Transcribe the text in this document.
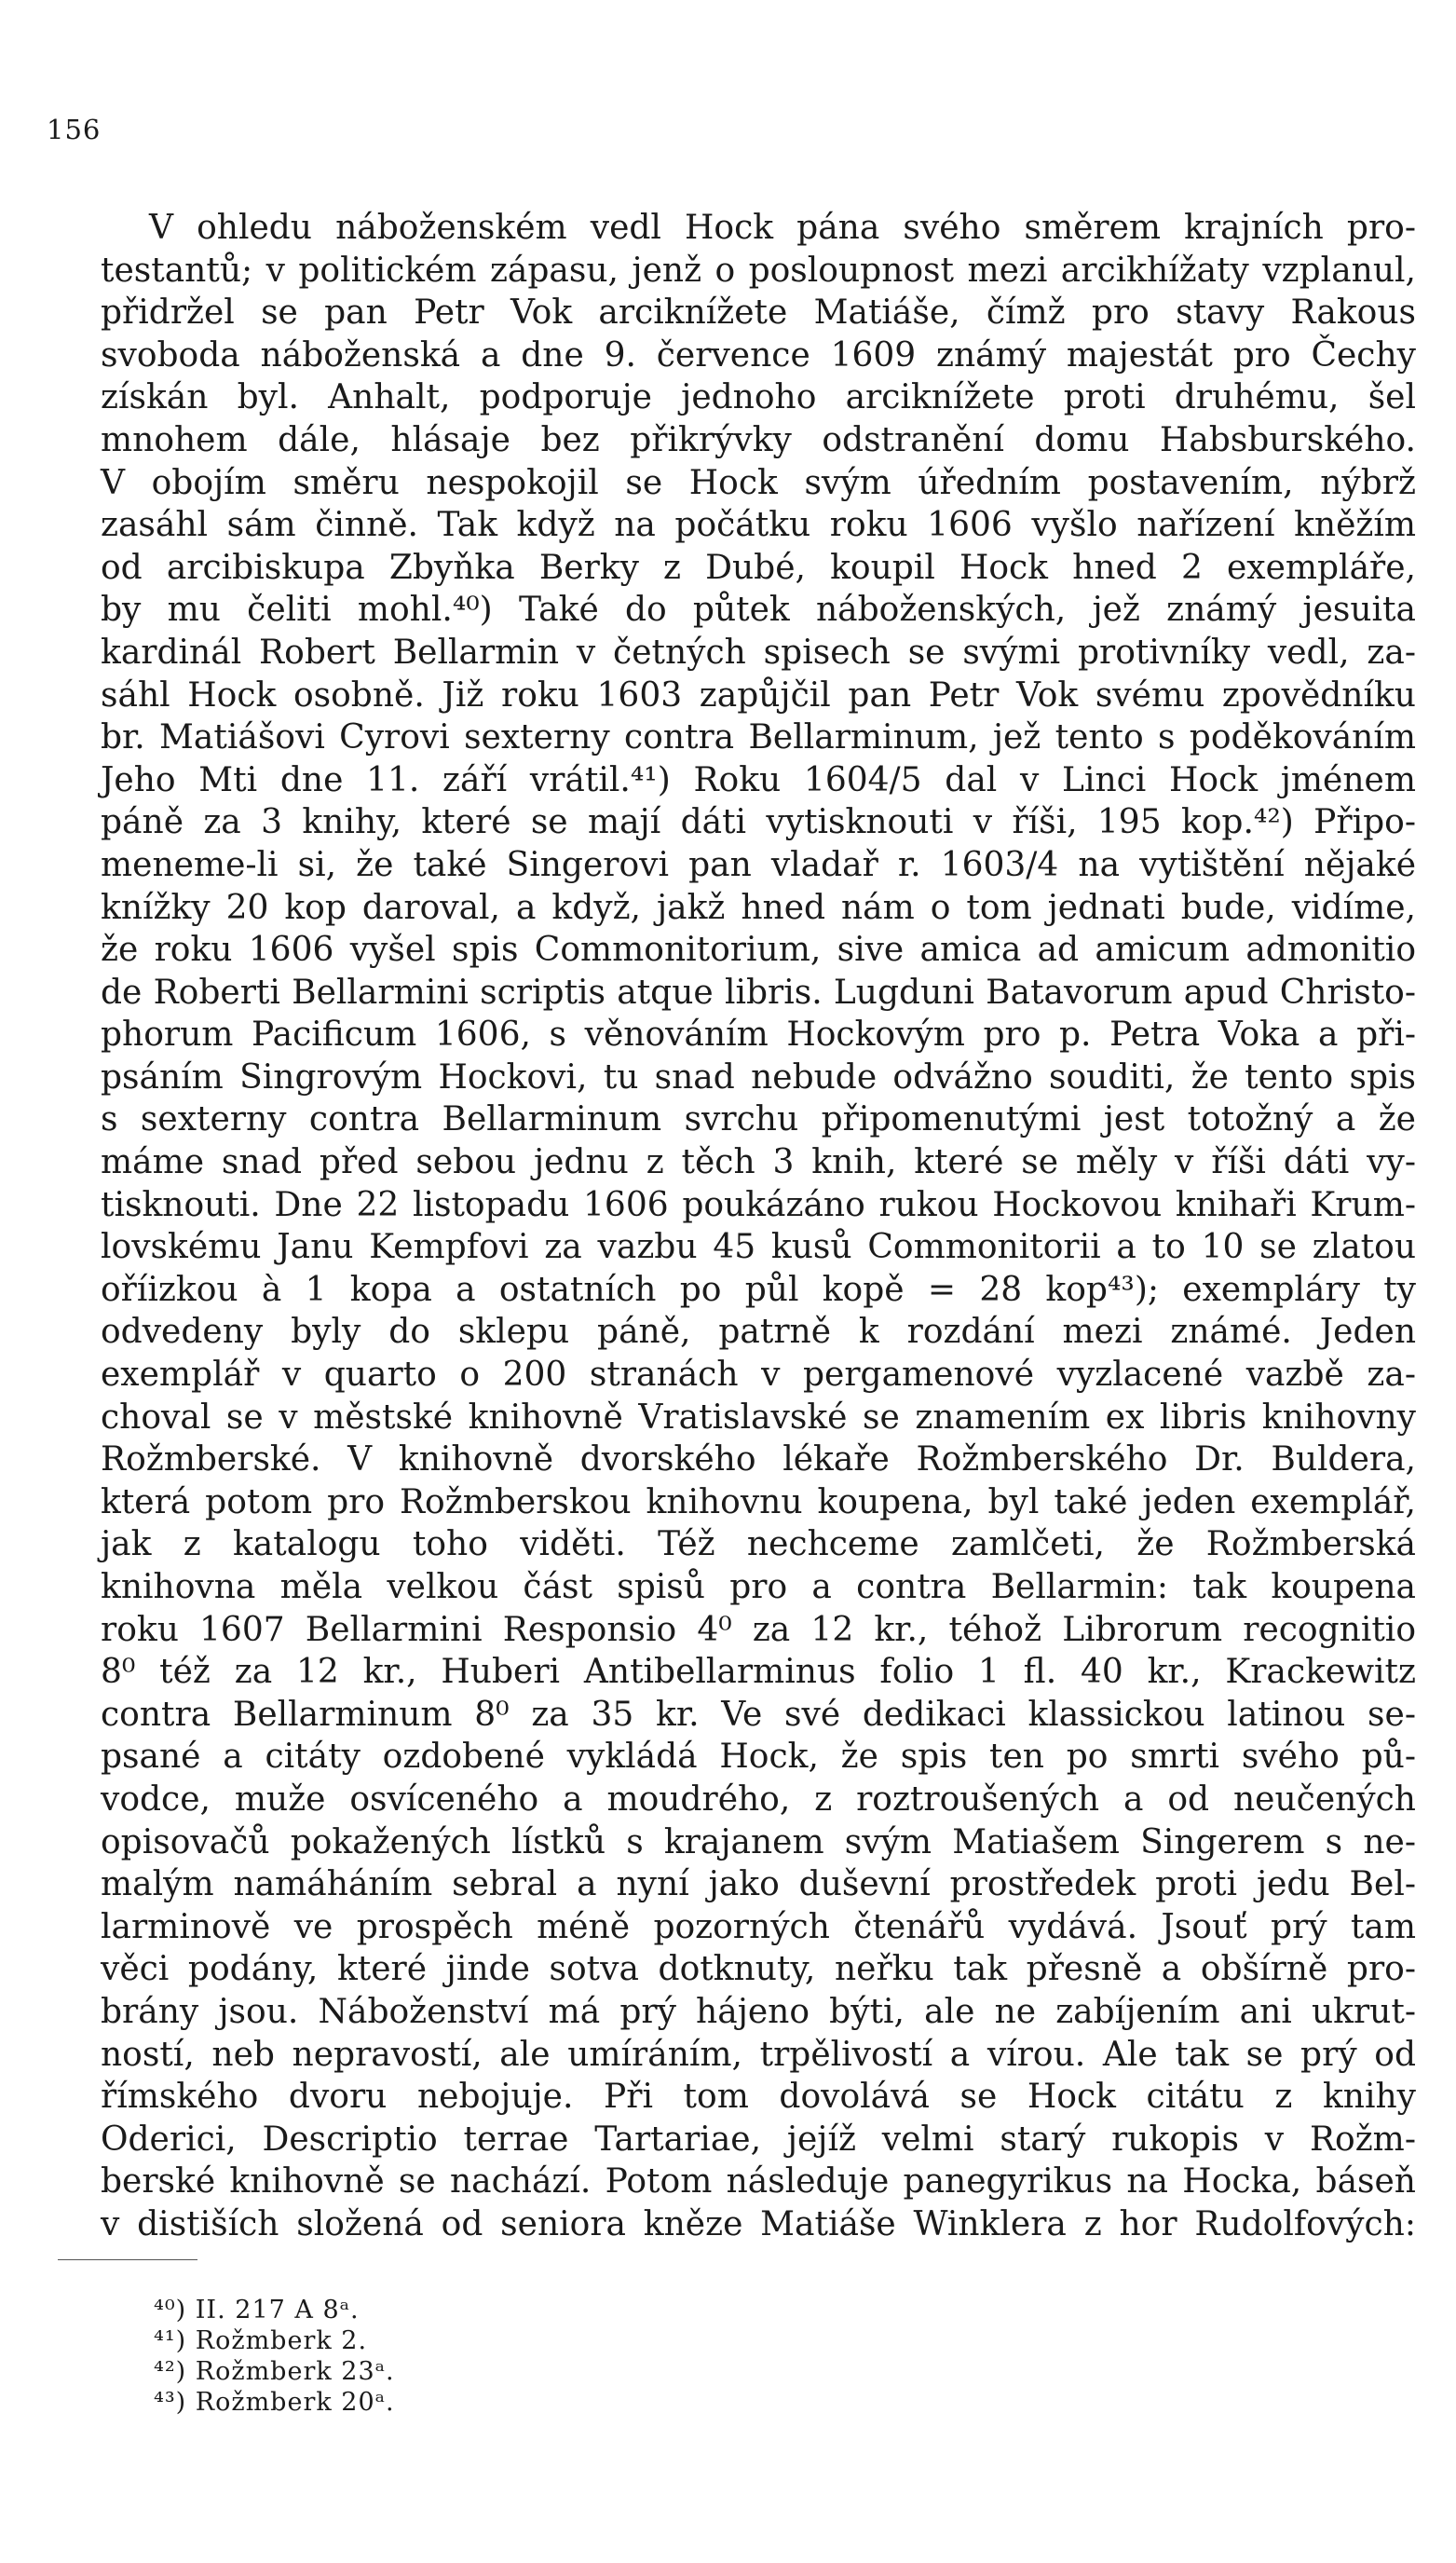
156
V ohledu náboženském vedl Hock pána svého směrem krajních pro-
testantů; v politickém zápasu, jenž o posloupnost mezi arcikhížaty vzplanul,
přidržel se pan Petr Vok arciknížete Matiáše, čímž pro stavy Rakous
svoboda náboženská a dne 9. července 1609 známý majestát pro Čechy
získán byl. Anhalt, podporuje jednoho arciknížete proti druhému, šel
mnohem dále, hlásaje bez přikrývky odstranění domu Habsburského.
V obojím směru nespokojil se Hock svým úředním postavením, nýbrž
zasáhl sám činně. Tak když na počátku roku 1606 vyšlo nařízení kněžím
od arcibiskupa Zbyňka Berky z Dubé, koupil Hock hned 2 exempláře,
by mu čeliti mohl.⁴⁰) Také do půtek náboženských, jež známý jesuita
kardinál Robert Bellarmin v četných spisech se svými protivníky vedl, za-
sáhl Hock osobně. Již roku 1603 zapůjčil pan Petr Vok svému zpovědníku
br. Matiášovi Cyrovi sexterny contra Bellarminum, jež tento s poděkováním
Jeho Mti dne 11. září vrátil.⁴¹) Roku 1604/5 dal v Linci Hock jménem
páně za 3 knihy, které se mají dáti vytisknouti v říši, 195 kop.⁴²) Připo-
meneme-li si, že také Singerovi pan vladař r. 1603/4 na vytištění nějaké
knížky 20 kop daroval, a když, jakž hned nám o tom jednati bude, vidíme,
že roku 1606 vyšel spis Commonitorium, sive amica ad amicum admonitio
de Roberti Bellarmini scriptis atque libris. Lugduni Batavorum apud Christo-
phorum Pacificum 1606, s věnováním Hockovým pro p. Petra Voka a při-
psáním Singrovým Hockovi, tu snad nebude odvážno souditi, že tento spis
s sexterny contra Bellarminum svrchu připomenutými jest totožný a že
máme snad před sebou jednu z těch 3 knih, které se měly v říši dáti vy-
tisknouti. Dne 22 listopadu 1606 poukázáno rukou Hockovou knihaři Krum-
lovskému Janu Kempfovi za vazbu 45 kusů Commonitorii a to 10 se zlatou
oříizkou à 1 kopa a ostatních po půl kopě = 28 kop⁴³); exempláry ty
odvedeny byly do sklepu páně, patrně k rozdání mezi známé. Jeden
exemplář v quarto o 200 stranách v pergamenové vyzlacené vazbě za-
choval se v městské knihovně Vratislavské se znamením ex libris knihovny
Rožmberské. V knihovně dvorského lékaře Rožmberského Dr. Buldera,
která potom pro Rožmberskou knihovnu koupena, byl také jeden exemplář,
jak z katalogu toho viděti. Též nechceme zamlčeti, že Rožmberská
knihovna měla velkou část spisů pro a contra Bellarmin: tak koupena
roku 1607 Bellarmini Responsio 4⁰ za 12 kr., téhož Librorum recognitio
8⁰ též za 12 kr., Huberi Antibellarminus folio 1 fl. 40 kr., Krackewitz
contra Bellarminum 8⁰ za 35 kr. Ve své dedikaci klassickou latinou se-
psané a citáty ozdobené vykládá Hock, že spis ten po smrti svého pů-
vodce, muže osvíceného a moudrého, z roztroušených a od neučených
opisovačů pokažených lístků s krajanem svým Matiašem Singerem s ne-
malým namáháním sebral a nyní jako duševní prostředek proti jedu Bel-
larminově ve prospěch méně pozorných čtenářů vydává. Jsouť prý tam
věci podány, které jinde sotva dotknuty, neřku tak přesně a obšírně pro-
brány jsou. Náboženství má prý hájeno býti, ale ne zabíjením ani ukrut-
ností, neb nepravostí, ale umíráním, trpělivostí a vírou. Ale tak se prý od
římského dvoru nebojuje. Při tom dovolává se Hock citátu z knihy
Oderici, Descriptio terrae Tartariae, jejíž velmi starý rukopis v Rožm-
berské knihovně se nachází. Potom následuje panegyrikus na Hocka, báseň
v distiších složená od seniora kněze Matiáše Winklera z hor Rudolfových:
⁴⁰) II. 217 A 8ᵃ.
⁴¹) Rožmberk 2.
⁴²) Rožmberk 23ᵃ.
⁴³) Rožmberk 20ᵃ.
